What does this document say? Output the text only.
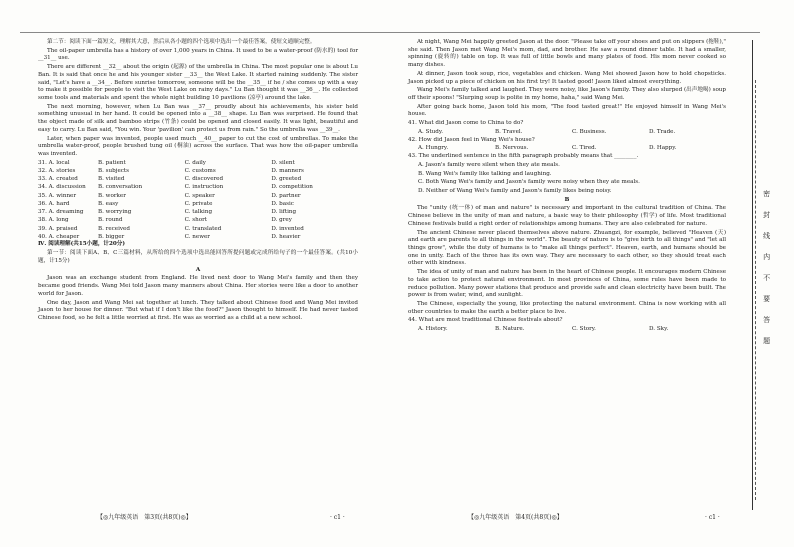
第二节：阅读下面一篇短文，理解其大意，然后从各小题的四个选项中选出一个最佳答案，使短文通顺完整。

The oil-paper umbrella has a history of over 1,000 years in China. It used to be a water-proof (防水的) tool for __31__ use.

There are different __32__ about the origin (起源) of the umbrella in China. The most popular one is about Lu Ban. It is said that once he and his younger sister __33__ the West Lake. It started raining suddenly. The sister said, "Let's have a __34__. Before sunrise tomorrow, someone will be the __35__ if he / she comes up with a way to make it possible for people to visit the West Lake on rainy days." Lu Ban thought it was __36__. He collected some tools and materials and spent the whole night building 10 pavilions (凉亭) around the lake.

The next morning, however, when Lu Ban was __37__ proudly about his achievements, his sister held something unusual in her hand. It could be opened into a __38__ shape. Lu Ban was surprised. He found that the object made of silk and bamboo strips (竹条) could be opened and closed easily. It was light, beautiful and easy to carry. Lu Ban said, "You win. Your 'pavilion' can protect us from rain." So the umbrella was __39__.

Later, when paper was invented, people used much __40__ paper to cut the cost of umbrellas. To make the umbrella water-proof, people brushed tung oil (桐油) across the surface. That was how the oil-paper umbrella was invented.

31. A. local	B. patient	C. daily	D. silent
32. A. stories	B. subjects	C. customs	D. manners
33. A. created	B. visited	C. discovered	D. greeted
34. A. discussion	B. conversation	C. instruction	D. competition
35. A. winner	B. worker	C. speaker	D. partner
36. A. hard	B. easy	C. private	D. basic
37. A. dreaming	B. worrying	C. talking	D. lifting
38. A. long	B. round	C. short	D. grey
39. A. praised	B. received	C. translated	D. invented
40. A. cheaper	B. bigger	C. newer	D. heavier

Ⅳ. 阅读理解(共15小题，计20分)

第一节：阅读下面A、B、C三篇材料，从所给的四个选项中选出能回答所提问题或完成所给句子的一个最佳答案。(共10小题，计15分)

A

Jason was an exchange student from England. He lived next door to Wang Mei's family and then they became good friends. Wang Mei told Jason many manners about China. Her stories were like a door to another world for Jason.

One day, Jason and Wang Mei sat together at lunch. They talked about Chinese food and Wang Mei invited Jason to her house for dinner. "But what if I don't like the food?" Jason thought to himself. He had never tasted Chinese food, so he felt a little worried at first. He was as worried as a child at a new school.

At night, Wang Mei happily greeted Jason at the door. "Please take off your shoes and put on slippers (拖鞋)," she said. Then Jason met Wang Mei's mom, dad, and brother. He saw a round dinner table. It had a smaller, spinning (旋转的) table on top. It was full of little bowls and many plates of food. His mom never cooked so many dishes.

At dinner, Jason took soup, rice, vegetables and chicken. Wang Mei showed Jason how to hold chopsticks. Jason picked up a piece of chicken on his first try! It tasted good! Jason liked almost everything.

Wang Mei's family talked and laughed. They were noisy, like Jason's family. They also slurped (出声地喝) soup off their spoons! "Slurping soup is polite in my home, haha," said Wang Mei.

After going back home, Jason told his mom, "The food tasted great!" He enjoyed himself in Wang Mei's house.

41. What did Jason come to China to do?

A. Study.	B. Travel.	C. Business.	D. Trade.

42. How did Jason feel in Wang Wei's house?

A. Hungry.	B. Nervous.	C. Tired.	D. Happy.

43. The underlined sentence in the fifth paragraph probably means that ________.

A. Jason's family were silent when they ate meals.

B. Wang Wei's family like talking and laughing.

C. Both Wang Wei's family and Jason's family were noisy when they ate meals.

D. Neither of Wang Wei's family and Jason's family likes being noisy.

B

The "unity (统一体) of man and nature" is necessary and important in the cultural tradition of China. The Chinese believe in the unity of man and nature, a basic way to their philosophy (哲学) of life. Most traditional Chinese festivals build a right order of relationships among humans. They are also celebrated for nature.

The ancient Chinese never placed themselves above nature. Zhuangzi, for example, believed "Heaven (天) and earth are parents to all things in the world". The beauty of nature is to "give birth to all things" and "let all things grow", while the duty of humans is to "make all things perfect". Heaven, earth, and humans should be one in unity. Each of the three has its own way. They are necessary to each other, so they should treat each other with kindness.

The idea of unity of man and nature has been in the heart of Chinese people. It encourages modern Chinese to take action to protect natural environment. In most provinces of China, some rules have been made to reduce pollution. Many power stations that produce and provide safe and clean electricity have been built. The power is from water, wind, and sunlight.

The Chinese, especially the young, like protecting the natural environment. China is now working with all other countries to make the earth a better place to live.

44. What are most traditional Chinese festivals about?

A. History.	B. Nature.	C. Story.	D. Sky.	密封线内不要答题
【◎九年级英语　第3页(共8页)◎】	· c1 ·	【◎九年级英语　第4页(共8页)◎】	· c1 ·
